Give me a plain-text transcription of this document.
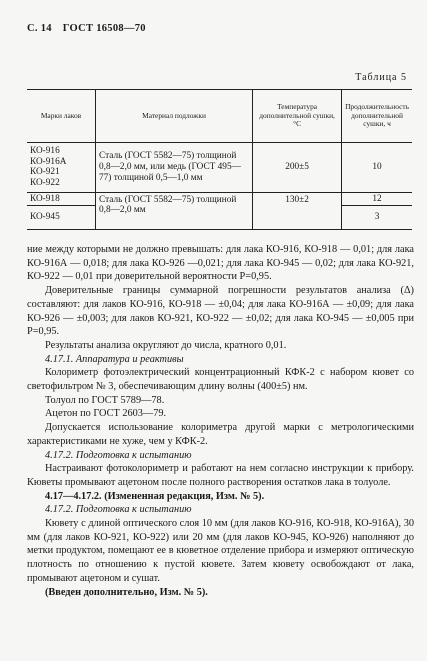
С. 14 ГОСТ 16508—70
Таблица 5
Марки лаков	Материал подложки	Температура дополнительной сушки, °С	Продолжительность дополнительной сушки, ч

КО-916
КО-916А
КО-921
КО-922	Сталь (ГОСТ 5582—75) толщиной 0,8—2,0 мм, или медь (ГОСТ 495—77) толщиной 0,5—1,0 мм	200±5	10

КО-918	Сталь (ГОСТ 5582—75) толщиной 0,8—2,0 мм	130±2	12

КО-945			3

ние между которыми не должно превышать: для лака КО-916, КО-918 — 0,01; для лака КО-916А — 0,018; для лака КО-926 —0,021; для лака КО-945 — 0,02; для лака КО-921, КО-922 — 0,01 при доверительной вероятности P=0,95.

Доверительные границы суммарной погрешности результатов анализа (Δ) составляют: для лаков КО-916, КО-918 — ±0,04; для лака КО-916А — ±0,09; для лака КО-926 — ±0,003; для лаков КО-921, КО-922 — ±0,02; для лака КО-945 — ±0,005 при P=0,95.

Результаты анализа округляют до числа, кратного 0,01.

4.17.1. Аппаратура и реактивы

Колориметр фотоэлектрический концентрационный КФК-2 с набором кювет со светофильтром № 3, обеспечивающим длину волны (400±5) нм.

Толуол по ГОСТ 5789—78.

Ацетон по ГОСТ 2603—79.

Допускается использование колориметра другой марки с метрологическими характеристиками не хуже, чем у КФК-2.

4.17.2. Подготовка к испытанию

Настраивают фотоколориметр и работают на нем согласно инструкции к прибору. Кюветы промывают ацетоном после полного растворения остатков лака в толуоле.

4.17—4.17.2. (Измененная редакция, Изм. № 5).

4.17.2. Подготовка к испытанию

Кювету с длиной оптического слоя 10 мм (для лаков КО-916, КО-918, КО-916А), 30 мм (для лаков КО-921, КО-922) или 20 мм (для лаков КО-945, КО-926) наполняют до метки продуктом, помещают ее в кюветное отделение прибора и измеряют оптическую плотность по отношению к пустой кювете. Затем кювету освобождают от лака, промывают ацетоном и сушат.

(Введен дополнительно, Изм. № 5).
